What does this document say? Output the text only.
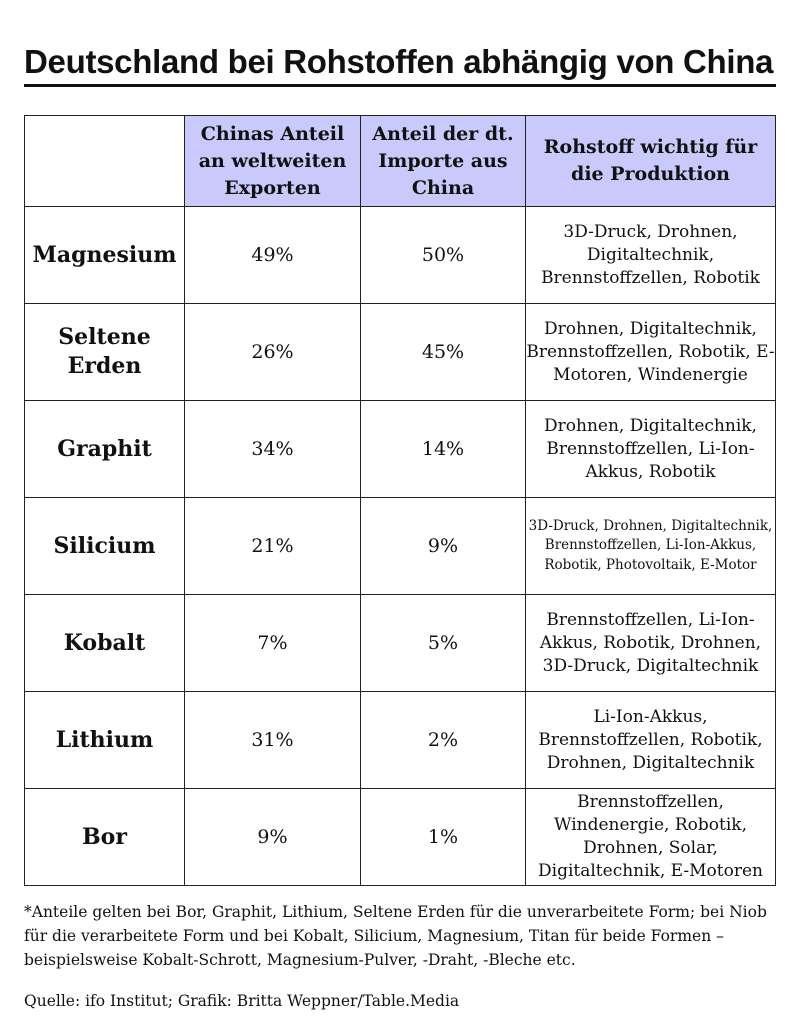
Deutschland bei Rohstoffen abhängig von China
	Chinas Anteil an weltweiten Exporten	Anteil der dt. Importe aus China	Rohstoff wichtig für die Produktion
Magnesium	49%	50%	3D-Druck, Drohnen, Digitaltechnik, Brennstoffzellen, Robotik
Seltene Erden	26%	45%	Drohnen, Digitaltechnik, Brennstoffzellen, Robotik, E-Motoren, Windenergie
Graphit	34%	14%	Drohnen, Digitaltechnik, Brennstoffzellen, Li-Ion-Akkus, Robotik
Silicium	21%	9%	3D-Druck, Drohnen, Digitaltechnik, Brennstoffzellen, Li-Ion-Akkus, Robotik, Photovoltaik, E-Motor
Kobalt	7%	5%	Brennstoffzellen, Li-Ion-Akkus, Robotik, Drohnen, 3D-Druck, Digitaltechnik
Lithium	31%	2%	Li-Ion-Akkus, Brennstoffzellen, Robotik, Drohnen, Digitaltechnik
Bor	9%	1%	Brennstoffzellen, Windenergie, Robotik, Drohnen, Solar, Digitaltechnik, E-Motoren
*Anteile gelten bei Bor, Graphit, Lithium, Seltene Erden für die unverarbeitete Form; bei Niob für die verarbeitete Form und bei Kobalt, Silicium, Magnesium, Titan für beide Formen – beispielsweise Kobalt-Schrott, Magnesium-Pulver, -Draht, -Bleche etc.
Quelle: ifo Institut; Grafik: Britta Weppner/Table.Media
